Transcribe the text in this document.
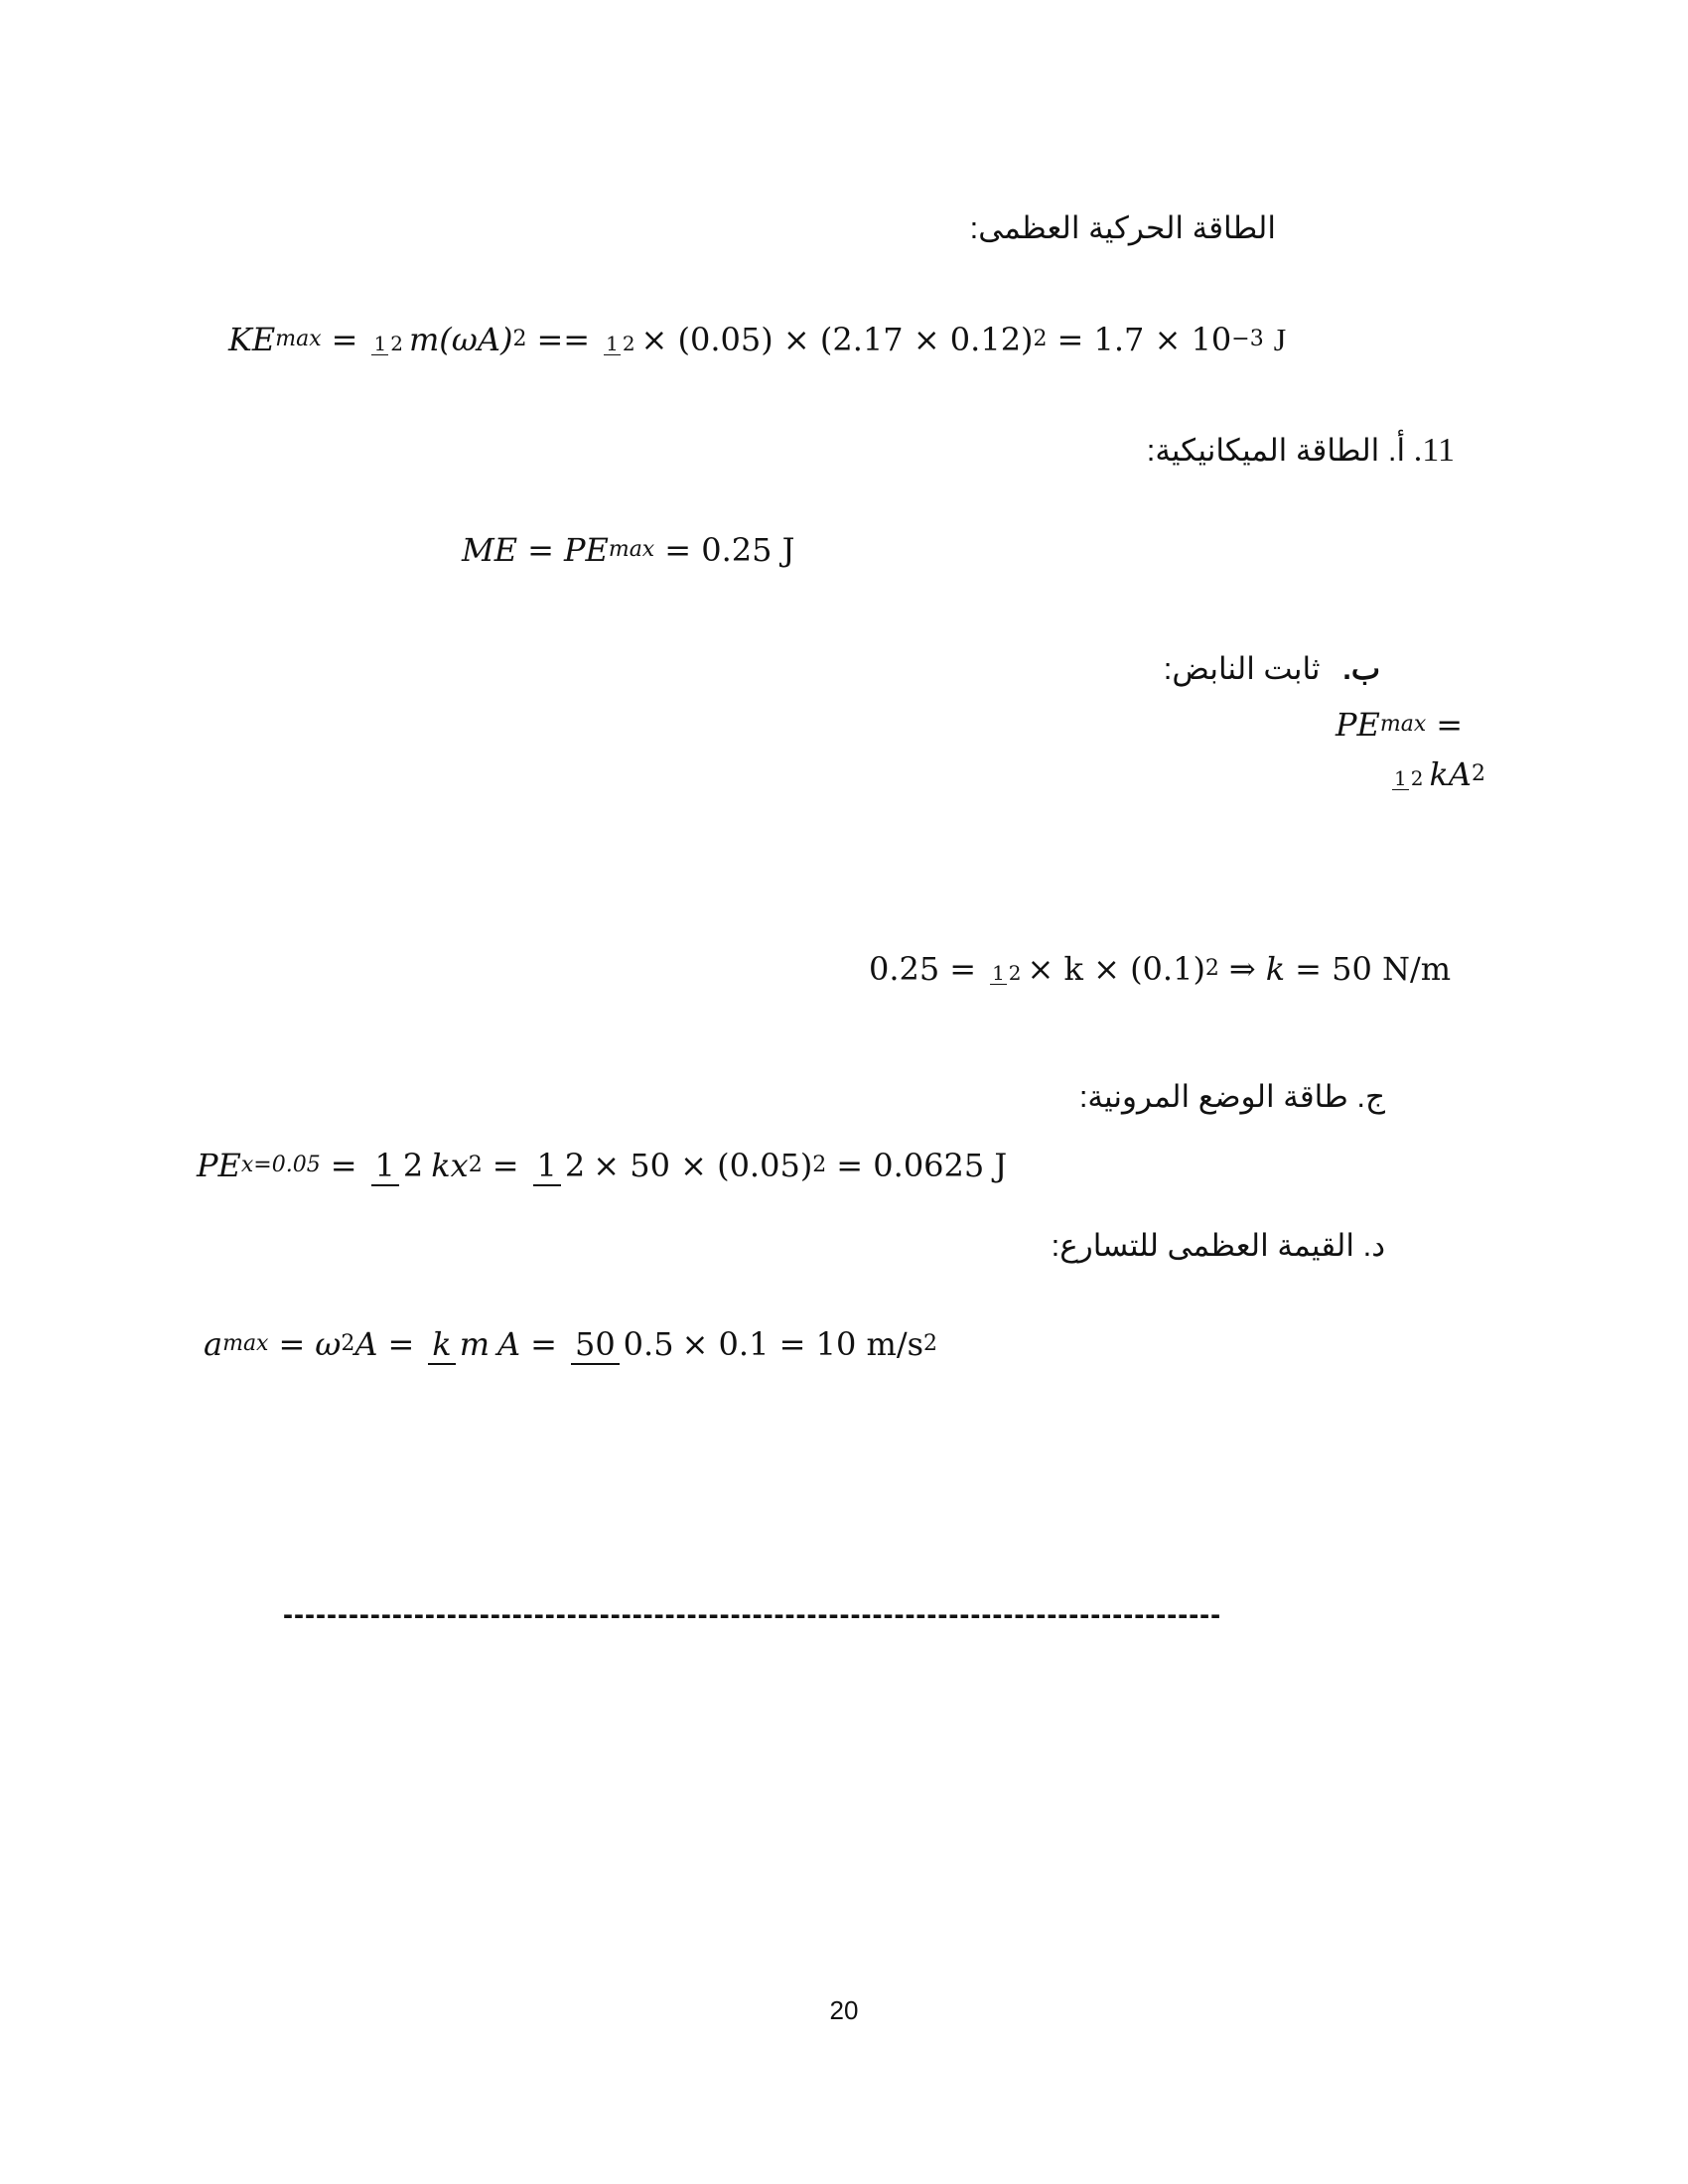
الطاقة الحركية العظمى:
KE max = 1 2 m(ωA) 2 == 1 2 × (0.05) × (2.17 × 0.12) 2 = 1.7 × 10 −3 J
11. أ. الطاقة الميكانيكية:
ME = PE max = 0.25 J
ب. ثابت النابض:
PE max =
1 2 kA 2
0.25 = 1 2 × k × (0.1) 2 ⇒ k = 50 N/m
ج. طاقة الوضع المرونية:
PE x=0.05 = 1 2 kx 2 = 1 2 × 50 × (0.05) 2 = 0.0625 J
د. القيمة العظمى للتسارع:
a max = ω 2 A = k m A = 50 0.5 × 0.1 = 10 m/s 2
--------------------------------------------------------------------------------------
20
